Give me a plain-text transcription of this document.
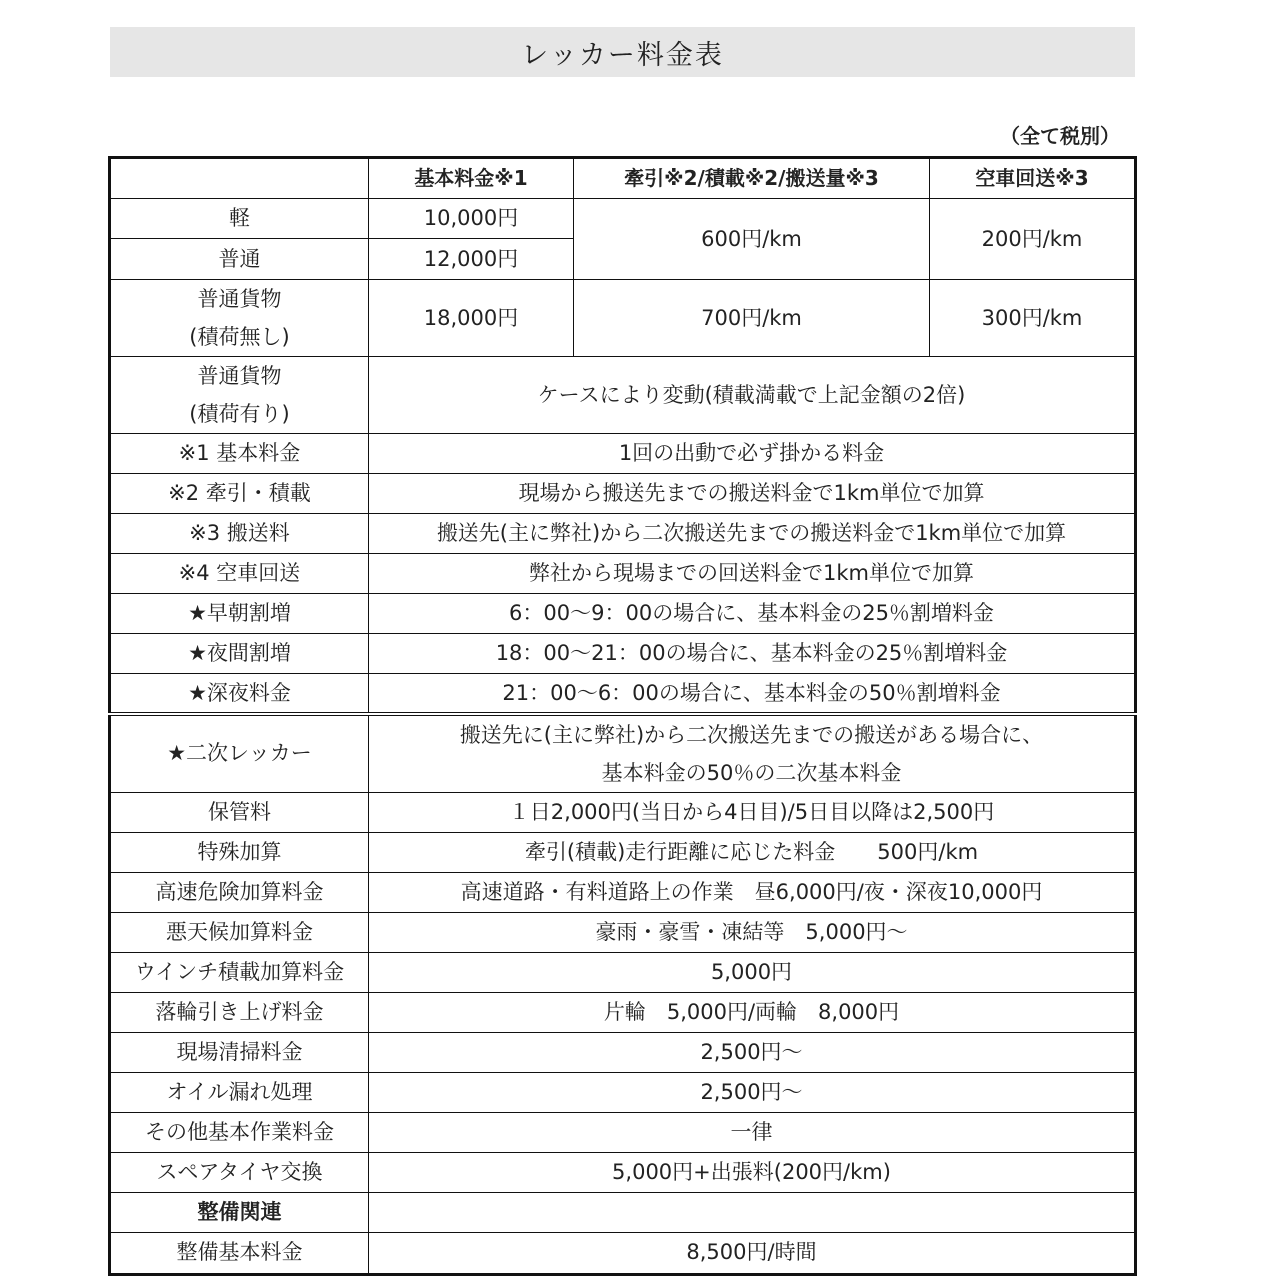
レッカー料金表
（全て税別）
	基本料金※1	牽引※2/積載※2/搬送量※3	空車回送※3
軽	10,000円	600円/km	200円/km
普通	12,000円		

普通貨物
(積荷無し)	18,000円	700円/km	300円/km

普通貨物
(積荷有り)	ケースにより変動(積載満載で上記金額の2倍)		
※1 基本料金	1回の出動で必ず掛かる料金		
※2 牽引・積載	現場から搬送先までの搬送料金で1km単位で加算		
※3 搬送料	搬送先(主に弊社)から二次搬送先までの搬送料金で1km単位で加算		
※4 空車回送	弊社から現場までの回送料金で1km単位で加算		
★早朝割増	6：00～9：00の場合に、基本料金の25％割増料金		
★夜間割増	18：00～21：00の場合に、基本料金の25％割増料金		
★深夜料金	21：00～6：00の場合に、基本料金の50％割増料金		
★二次レッカー	搬送先に(主に弊社)から二次搬送先までの搬送がある場合に、
基本料金の50％の二次基本料金		

保管料	１日2,000円(当日から4日目)/5日目以降は2,500円		
特殊加算	牽引(積載)走行距離に応じた料金　　500円/km		
高速危険加算料金	高速道路・有料道路上の作業　昼6,000円/夜・深夜10,000円		
悪天候加算料金	豪雨・豪雪・凍結等　5,000円～		
ウインチ積載加算料金	5,000円		
落輪引き上げ料金	片輪　5,000円/両輪　8,000円		
現場清掃料金	2,500円～		
オイル漏れ処理	2,500円～		
その他基本作業料金	一律		
スペアタイヤ交換	5,000円+出張料(200円/km)		
整備関連			
整備基本料金	8,500円/時間		
